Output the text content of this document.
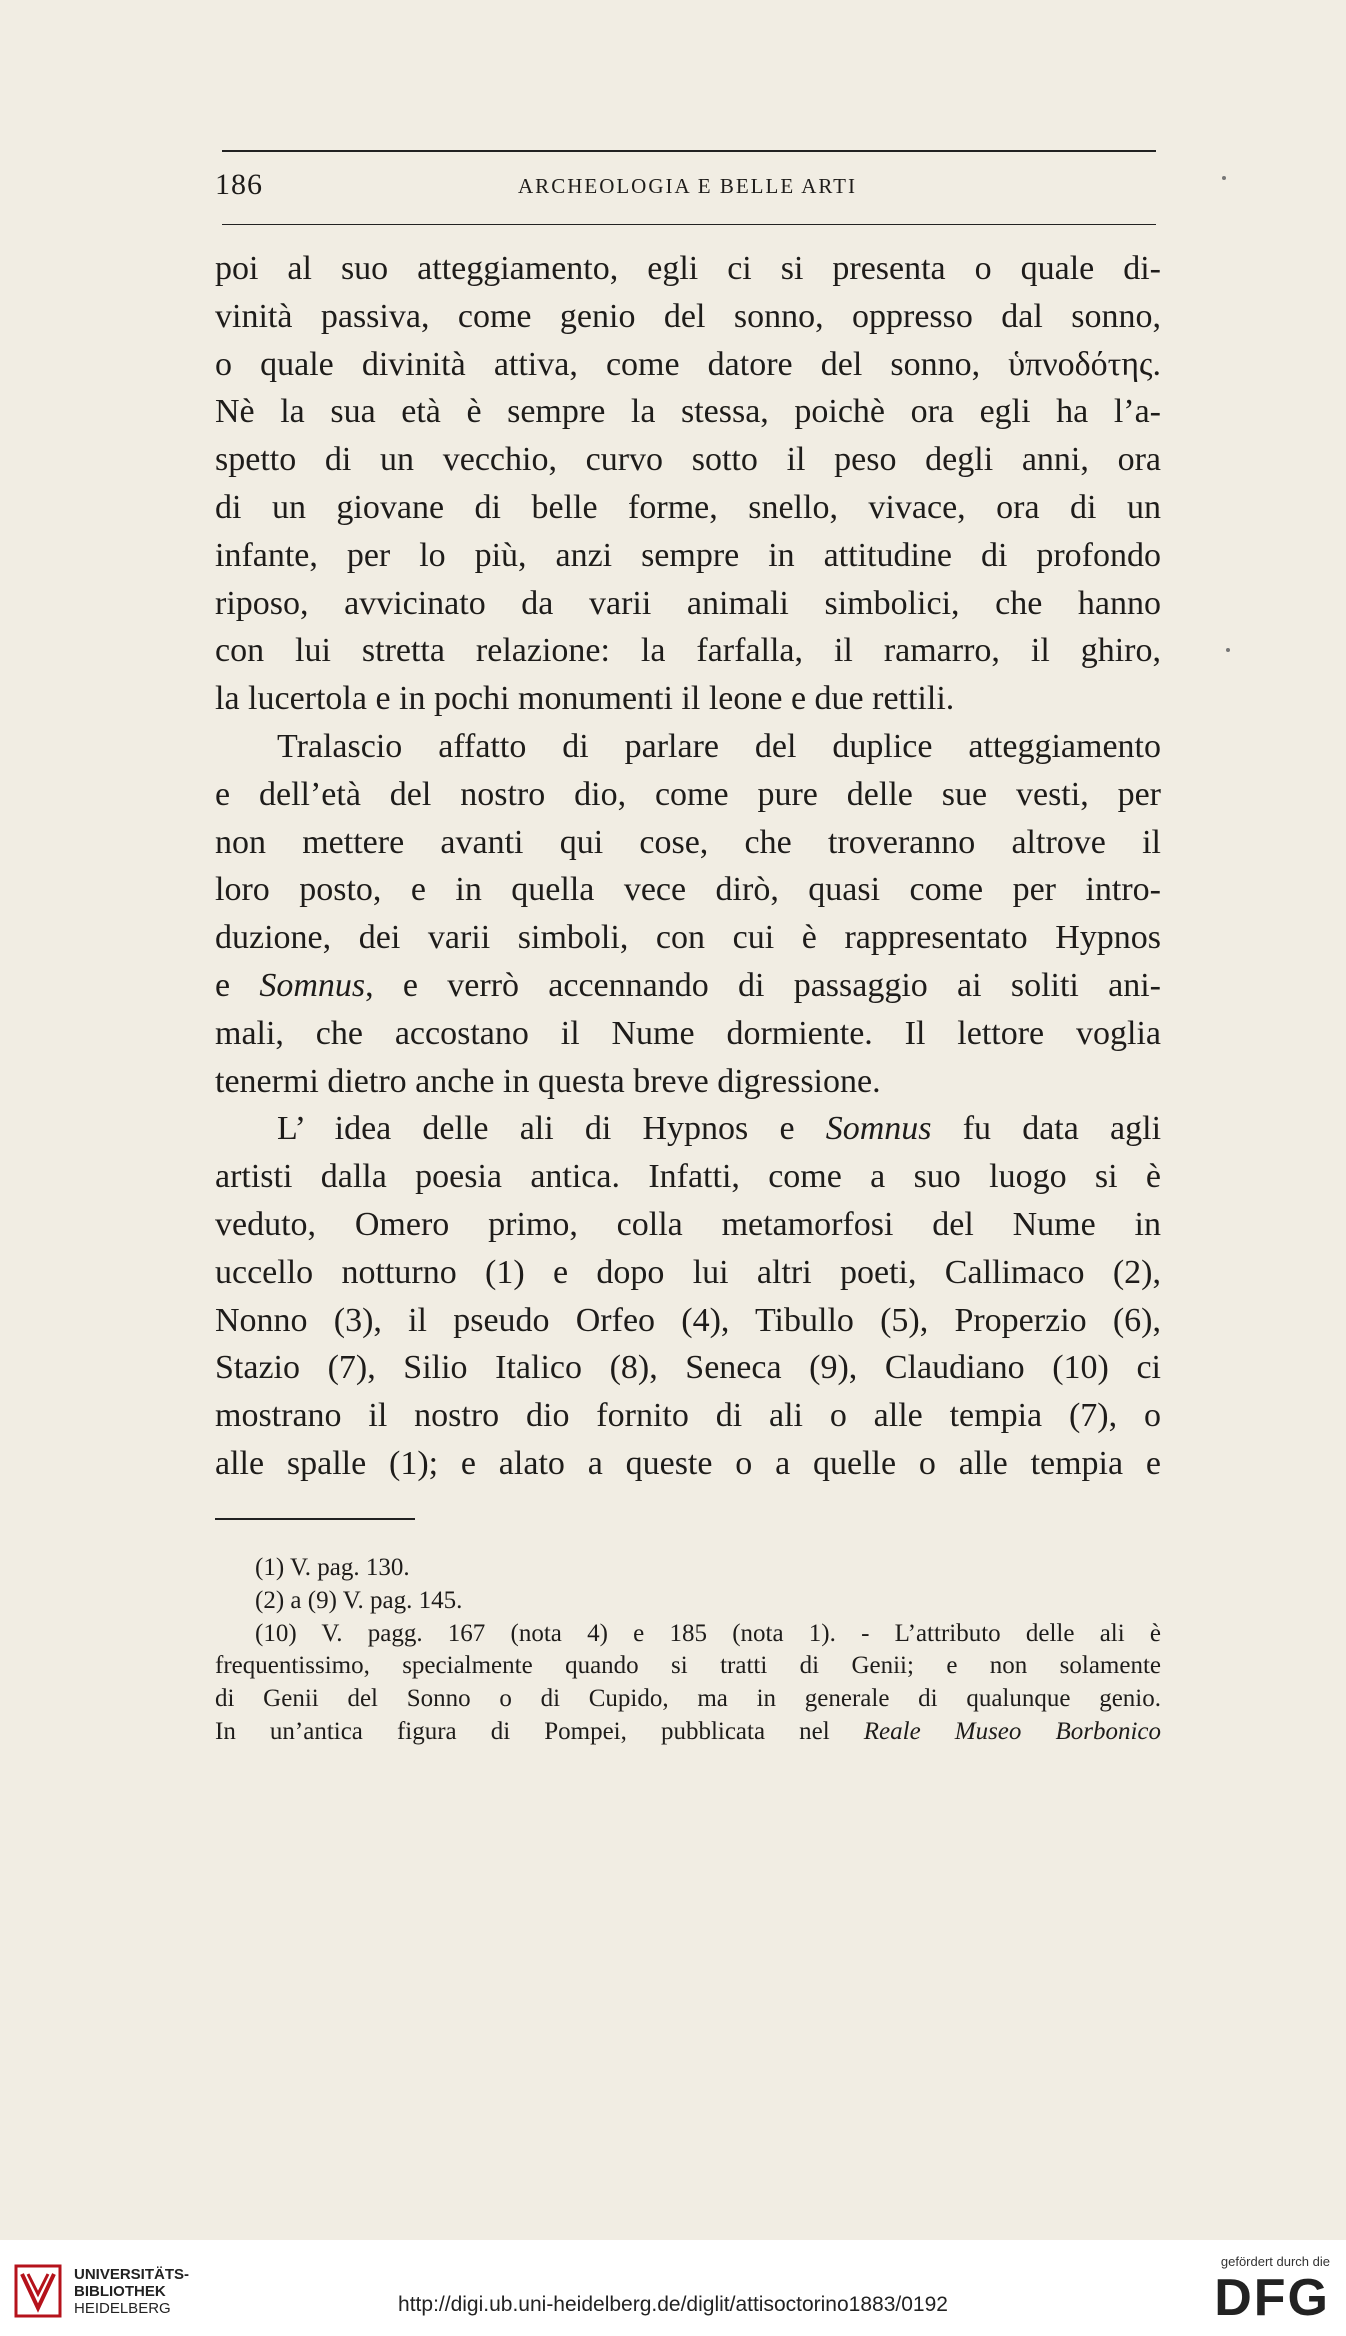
186	ARCHEOLOGIA E BELLE ARTI
poi al suo atteggiamento, egli ci si presenta o quale di-
vinità passiva, come genio del sonno, oppresso dal sonno,
o quale divinità attiva, come datore del sonno, ὑπνοδότης.
Nè la sua età è sempre la stessa, poichè ora egli ha l’a-
spetto di un vecchio, curvo sotto il peso degli anni, ora
di un giovane di belle forme, snello, vivace, ora di un
infante, per lo più, anzi sempre in attitudine di profondo
riposo, avvicinato da varii animali simbolici, che hanno
con lui stretta relazione: la farfalla, il ramarro, il ghiro,
la lucertola e in pochi monumenti il leone e due rettili.
Tralascio affatto di parlare del duplice atteggiamento
e dell’età del nostro dio, come pure delle sue vesti, per
non mettere avanti qui cose, che troveranno altrove il
loro posto, e in quella vece dirò, quasi come per intro-
duzione, dei varii simboli, con cui è rappresentato Hypnos
e Somnus, e verrò accennando di passaggio ai soliti ani-
mali, che accostano il Nume dormiente. Il lettore voglia
tenermi dietro anche in questa breve digressione.
L’ idea delle ali di Hypnos e Somnus fu data agli
artisti dalla poesia antica. Infatti, come a suo luogo si è
veduto, Omero primo, colla metamorfosi del Nume in
uccello notturno (1) e dopo lui altri poeti, Callimaco (2),
Nonno (3), il pseudo Orfeo (4), Tibullo (5), Properzio (6),
Stazio (7), Silio Italico (8), Seneca (9), Claudiano (10) ci
mostrano il nostro dio fornito di ali o alle tempia (7), o
alle spalle (1); e alato a queste o a quelle o alle tempia e
(1) V. pag. 130.
(2) a (9) V. pag. 145.
(10) V. pagg. 167 (nota 4) e 185 (nota 1). - L’attributo delle ali è
frequentissimo, specialmente quando si tratti di Genii; e non solamente
di Genii del Sonno o di Cupido, ma in generale di qualunque genio.
In un’antica figura di Pompei, pubblicata nel Reale Museo Borbonico
UNIVERSITÄTS-
BIBLIOTHEK
HEIDELBERG	http://digi.ub.uni-heidelberg.de/diglit/attisoctorino1883/0192
gefördert durch die
DFG
